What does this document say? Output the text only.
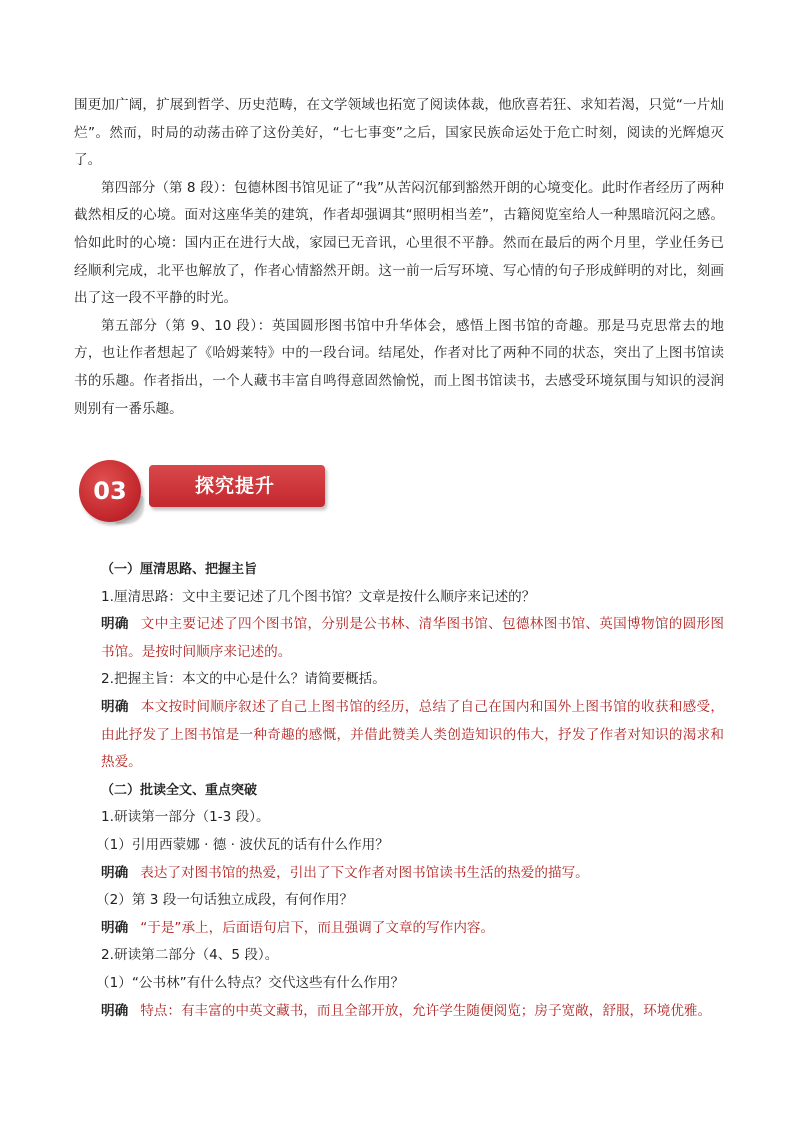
围更加广阔，扩展到哲学、历史范畴，在文学领域也拓宽了阅读体裁，他欣喜若狂、求知若渴，只觉“一片灿烂”。然而，时局的动荡击碎了这份美好，“七七事变”之后，国家民族命运处于危亡时刻，阅读的光辉熄灭了。

第四部分（第 8 段）：包德林图书馆见证了“我”从苦闷沉郁到豁然开朗的心境变化。此时作者经历了两种截然相反的心境。面对这座华美的建筑，作者却强调其“照明相当差”，古籍阅览室给人一种黑暗沉闷之感。恰如此时的心境：国内正在进行大战，家园已无音讯，心里很不平静。然而在最后的两个月里，学业任务已经顺利完成，北平也解放了，作者心情豁然开朗。这一前一后写环境、写心情的句子形成鲜明的对比，刻画出了这一段不平静的时光。

第五部分（第 9、10 段）：英国圆形图书馆中升华体会，感悟上图书馆的奇趣。那是马克思常去的地方，也让作者想起了《哈姆莱特》中的一段台词。结尾处，作者对比了两种不同的状态，突出了上图书馆读书的乐趣。作者指出，一个人藏书丰富自鸣得意固然愉悦，而上图书馆读书，去感受环境氛围与知识的浸润则别有一番乐趣。

探究提升
03

（一）厘清思路、把握主旨

1.厘清思路：文中主要记述了几个图书馆？文章是按什么顺序来记述的？

明确 文中主要记述了四个图书馆，分别是公书林、清华图书馆、包德林图书馆、英国博物馆的圆形图书馆。是按时间顺序来记述的。

2.把握主旨：本文的中心是什么？请简要概括。

明确 本文按时间顺序叙述了自己上图书馆的经历，总结了自己在国内和国外上图书馆的收获和感受，由此抒发了上图书馆是一种奇趣的感慨，并借此赞美人类创造知识的伟大，抒发了作者对知识的渴求和热爱。

（二）批读全文、重点突破

1.研读第一部分（1-3 段）。

（1）引用西蒙娜 · 德 · 波伏瓦的话有什么作用？

明确 表达了对图书馆的热爱，引出了下文作者对图书馆读书生活的热爱的描写。

（2）第 3 段一句话独立成段，有何作用？

明确 “于是”承上，后面语句启下，而且强调了文章的写作内容。

2.研读第二部分（4、5 段）。

（1）“公书林”有什么特点？交代这些有什么作用？

明确 特点：有丰富的中英文藏书，而且全部开放，允许学生随便阅览；房子宽敞，舒服，环境优雅。
